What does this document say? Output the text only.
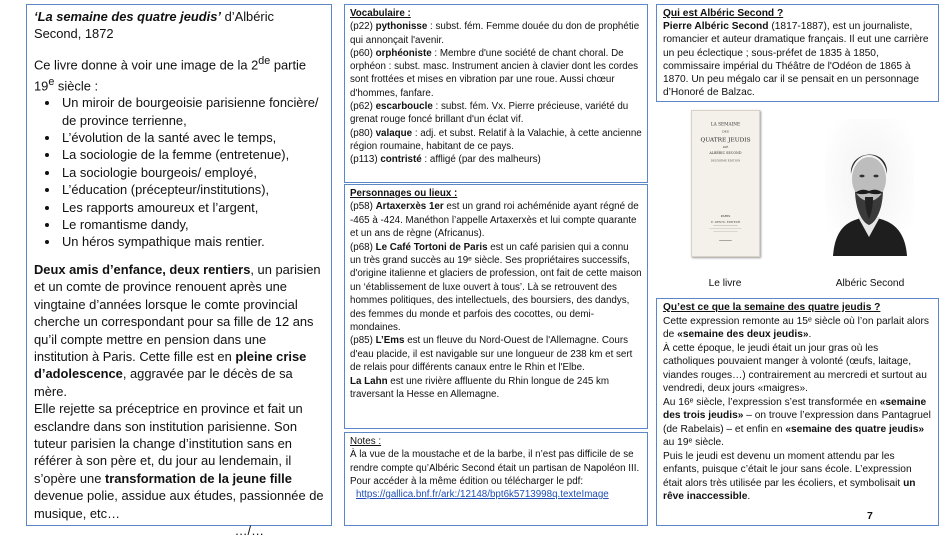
‘La semaine des quatre jeudis’ d’Albéric Second, 1872

Ce livre donne à voir une image de la 2de partie 19e siècle :

• Un miroir de bourgeoisie parisienne foncière/ de province terrienne,
• L’évolution de la santé avec le temps,
• La sociologie de la femme (entretenue),
• La sociologie bourgeois/ employé,
• L’éducation (précepteur/institutions),
• Les rapports amoureux et l’argent,
• Le romantisme dandy,
• Un héros sympathique mais rentier.

Deux amis d’enfance, deux rentiers, un parisien et un comte de province renouent après une vingtaine d’années lorsque le comte provincial cherche un correspondant pour sa fille de 12 ans qu’il compte mettre en pension dans une institution à Paris. Cette fille est en pleine crise d’adolescence, aggravée par le décès de sa mère.

Elle rejette sa préceptrice en province et fait un esclandre dans son institution parisienne. Son tuteur parisien la change d’institution sans en référer à son père et, du jour au lendemain, il s’opère une transformation de la jeune fille devenue polie, assidue aux études, passionnée de musique, etc…

…/…

Vocabulaire :

(p22) pythonisse : subst. fém. Femme douée du don de prophétie qui annonçait l'avenir.

(p60) orphéoniste : Membre d'une société de chant choral. De orphéon : subst. masc. Instrument ancien à clavier dont les cordes sont frottées et mises en vibration par une roue. Aussi chœur d'hommes, fanfare.

(p62) escarboucle : subst. fém. Vx. Pierre précieuse, variété du grenat rouge foncé brillant d'un éclat vif.

(p80) valaque : adj. et subst. Relatif à la Valachie, à cette ancienne région roumaine, habitant de ce pays.

(p113) contristé : affligé (par des malheurs)

Personnages ou lieux :

(p58) Artaxerxès 1er est un grand roi achéménide ayant régné de -465 à -424. Manéthon l’appelle Artaxerxès et lui compte quarante et un ans de règne (Africanus).

(p68) Le Café Tortoni de Paris est un café parisien qui a connu un très grand succès au 19ᵉ siècle. Ses propriétaires successifs, d'origine italienne et glaciers de profession, ont fait de cette maison un ‘établissement de luxe ouvert à tous’. Là se retrouvent des hommes politiques, des intellectuels, des boursiers, des dandys, des femmes du monde et parfois des cocottes, ou demi-mondaines.

(p85) L’Ems est un fleuve du Nord-Ouest de l'Allemagne. Cours d'eau placide, il est navigable sur une longueur de 238 km et sert de relais pour différents canaux entre le Rhin et l'Elbe.

La Lahn est une rivière affluente du Rhin longue de 245 km traversant la Hesse en Allemagne.

Notes :

À la vue de la moustache et de la barbe, il n’est pas difficile de se rendre compte qu’Albéric Second était un partisan de Napoléon III.

Pour accéder à la même édition ou télécharger le pdf:

https://gallica.bnf.fr/ark:/12148/bpt6k5713998q.texteImage

Qui est Albéric Second ?

Pierre Albéric Second (1817-1887), est un journaliste, romancier et auteur dramatique français. Il eut une carrière un peu éclectique ; sous-préfet de 1835 à 1850, commissaire impérial du Théâtre de l'Odéon de 1865 à 1870. Un peu mégalo car il se pensait en un personnage d’Honoré de Balzac.

LA SEMAINE
DES
QUATRE JEUDIS
PAR
ALBÉRIC SECOND
DEUXIÈME ÉDITION
PARIS
E. DENTU, ÉDITEUR
Le livre	Albéric Second

Qu’est ce que la semaine des quatre jeudis ?

Cette expression remonte au 15ᵉ siècle où l’on parlait alors de «semaine des deux jeudis».

À cette époque, le jeudi était un jour gras où les catholiques pouvaient manger à volonté (œufs, laitage, viandes rouges…) contrairement au mercredi et surtout au vendredi, deux jours «maigres».

Au 16ᵉ siècle, l’expression s’est transformée en «semaine des trois jeudis» – on trouve l’expression dans Pantagruel (de Rabelais) – et enfin en «semaine des quatre jeudis» au 19ᵉ siècle.

Puis le jeudi est devenu un moment attendu par les enfants, puisque c’était le jour sans école. L’expression était alors très utilisée par les écoliers, et symbolisait un rêve inaccessible.

7
